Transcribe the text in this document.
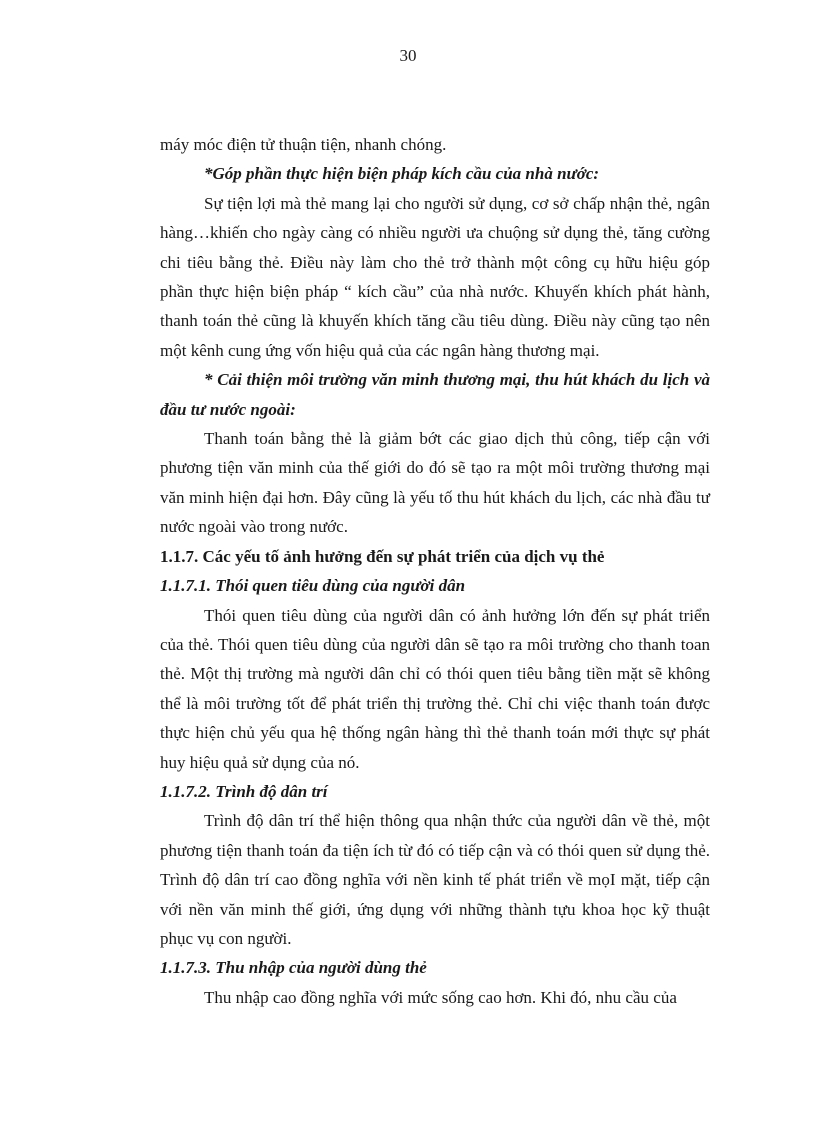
30

máy móc điện tử thuận tiện, nhanh chóng.

*Góp phần thực hiện biện pháp kích cầu của nhà nước:

Sự tiện lợi mà thẻ mang lại cho người sử dụng, cơ sở chấp nhận thẻ, ngân hàng…khiến cho ngày càng có nhiều người ưa chuộng sử dụng thẻ, tăng cường chi tiêu bằng thẻ. Điều này làm cho thẻ trở thành một công cụ hữu hiệu góp phần thực hiện biện pháp “ kích cầu” của nhà nước. Khuyến khích phát hành, thanh toán thẻ cũng là khuyến khích tăng cầu tiêu dùng. Điều này cũng tạo nên một kênh cung ứng vốn hiệu quả của các ngân hàng thương mại.

* Cải thiện môi trường văn minh thương mại, thu hút khách du lịch và đầu tư nước ngoài:

Thanh toán bằng thẻ là giảm bớt các giao dịch thủ công, tiếp cận với phương tiện văn minh của thế giới do đó sẽ tạo ra một môi trường thương mại văn minh hiện đại hơn. Đây cũng là yếu tố thu hút khách du lịch, các nhà đầu tư nước ngoài vào trong nước.

1.1.7. Các yếu tố ảnh hưởng đến sự phát triển của dịch vụ thẻ

1.1.7.1. Thói quen tiêu dùng của người dân

Thói quen tiêu dùng của người dân có ảnh hưởng lớn đến sự phát triển của thẻ. Thói quen tiêu dùng của người dân sẽ tạo ra môi trường cho thanh toan thẻ. Một thị trường mà người dân chỉ có thói quen tiêu bằng tiền mặt sẽ không thể là môi trường tốt để phát triển thị trường thẻ. Chỉ chi việc thanh toán được thực hiện chủ yếu qua hệ thống ngân hàng thì thẻ thanh toán mới thực sự phát huy hiệu quả sử dụng của nó.

1.1.7.2. Trình độ dân trí

Trình độ dân trí thể hiện thông qua nhận thức của người dân về thẻ, một phương tiện thanh toán đa tiện ích từ đó có tiếp cận và có thói quen sử dụng thẻ. Trình độ dân trí cao đồng nghĩa với nền kinh tế phát triển về mọI mặt, tiếp cận với nền văn minh thế giới, ứng dụng với những thành tựu khoa học kỹ thuật phục vụ con người.

1.1.7.3. Thu nhập của người dùng thẻ

Thu nhập cao đồng nghĩa với mức sống cao hơn. Khi đó, nhu cầu của
